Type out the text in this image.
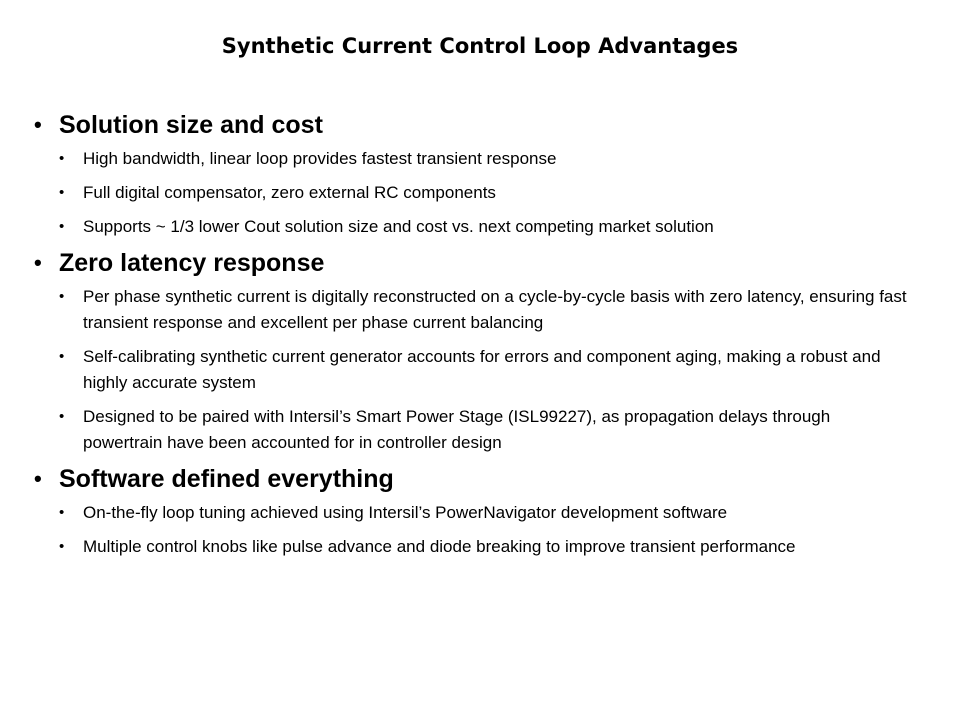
Synthetic Current Control Loop Advantages
• Solution size and cost
• High bandwidth, linear loop provides fastest transient response
• Full digital compensator, zero external RC components
• Supports ~ 1/3 lower Cout solution size and cost vs. next competing market solution
• Zero latency response
• Per phase synthetic current is digitally reconstructed on a cycle-by-cycle basis with zero latency, ensuring fast transient response and excellent per phase current balancing
• Self-calibrating synthetic current generator accounts for errors and component aging, making a robust and highly accurate system
• Designed to be paired with Intersil’s Smart Power Stage (ISL99227), as propagation delays through powertrain have been accounted for in controller design
• Software defined everything
• On-the-fly loop tuning achieved using Intersil’s PowerNavigator development software
• Multiple control knobs like pulse advance and diode breaking to improve transient performance
